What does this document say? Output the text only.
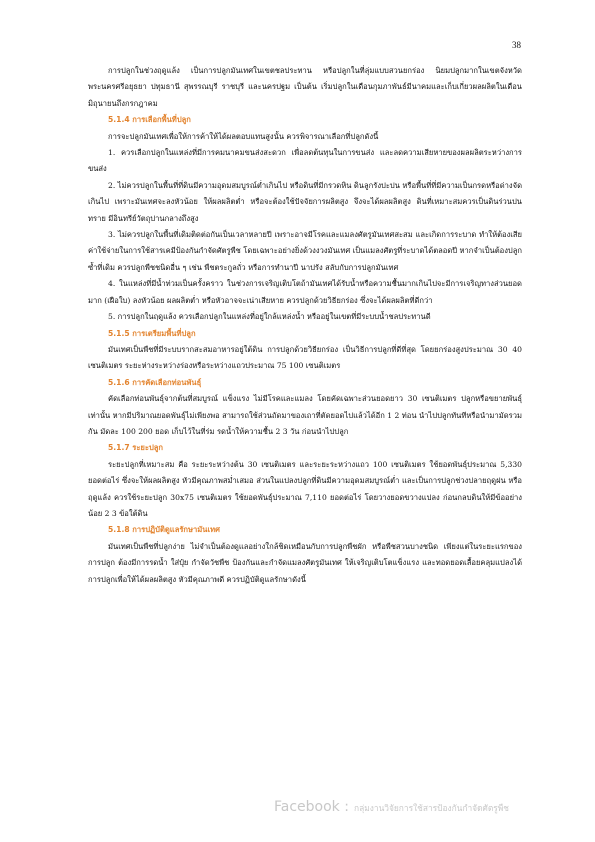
38

การปลูกในช่วงฤดูแล้ง เป็นการปลูกมันเทศในเขตชลประทาน หรือปลูกในที่ลุ่มแบบสวนยกร่อง นิยมปลูกมากในเขตจังหวัดพระนครศรีอยุธยา ปทุมธานี สุพรรณบุรี ราชบุรี และนครปฐม เป็นต้น เริ่มปลูกในเดือนกุมภาพันธ์มีนาคมและเก็บเกี่ยวผลผลิตในเดือนมิถุนายนถึงกรกฎาคม

5.1.4 การเลือกพื้นที่ปลูก

การจะปลูกมันเทศเพื่อให้การค้าให้ได้ผลตอบแทนสูงนั้น ควรพิจารณาเลือกที่ปลูกดังนี้

1. ควรเลือกปลูกในแหล่งที่มีการคมนาคมขนส่งสะดวก เพื่อลดต้นทุนในการขนส่ง และลดความเสียหายของผลผลิตระหว่างการขนส่ง

2. ไม่ควรปลูกในพื้นที่ที่ดินมีความอุดมสมบูรณ์ต่ำเกินไป หรือดินที่มีกรวดหิน ดินลูกรังปะปน หรือพื้นที่ที่มีความเป็นกรดหรือด่างจัดเกินไป เพราะมันเทศจะลงหัวน้อย ให้ผลผลิตต่ำ หรือจะต้องใช้ปัจจัยการผลิตสูง จึงจะได้ผลผลิตสูง ดินที่เหมาะสมควรเป็นดินร่วนปนทราย มีอินทรีย์วัตถุปานกลางถึงสูง

3. ไม่ควรปลูกในพื้นที่เดิมติดต่อกันเป็นเวลาหลายปี เพราะอาจมีโรคและแมลงศัตรูมันเทศสะสม และเกิดการระบาด ทำให้ต้องเสียค่าใช้จ่ายในการใช้สารเคมีป้องกันกำจัดศัตรูพืช โดยเฉพาะอย่างยิ่งด้วงงวงมันเทศ เป็นแมลงศัตรูที่ระบาดได้ตลอดปี หากจำเป็นต้องปลูกซ้ำที่เดิม ควรปลูกพืชชนิดอื่น ๆ เช่น พืชตระกูลถั่ว หรือการทำนาปี นาปรัง สลับกับการปลูกมันเทศ

4. ในแหล่งที่มีน้ำท่วมเป็นครั้งคราว ในช่วงการเจริญเติบโตถ้ามันเทศได้รับน้ำหรือความชื้นมากเกินไปจะมีการเจริญทางส่วนยอดมาก (เฝือใบ) ลงหัวน้อย ผลผลิตต่ำ หรือหัวอาจจะเน่าเสียหาย ควรปลูกด้วยวิธียกร่อง ซึ่งจะได้ผลผลิตที่ดีกว่า

5. การปลูกในฤดูแล้ง ควรเลือกปลูกในแหล่งที่อยู่ใกล้แหล่งน้ำ หรืออยู่ในเขตที่มีระบบน้ำชลประทานดี

5.1.5 การเตรียมพื้นที่ปลูก

มันเทศเป็นพืชที่มีระบบรากสะสมอาหารอยู่ใต้ดิน การปลูกด้วยวิธียกร่อง เป็นวิธีการปลูกที่ดีที่สุด โดยยกร่องสูงประมาณ 30 40 เซนติเมตร ระยะห่างระหว่างร่องหรือระหว่างแถวประมาณ 75 100 เซนติเมตร

5.1.6 การคัดเลือกท่อนพันธุ์

คัดเลือกท่อนพันธุ์จากต้นที่สมบูรณ์ แข็งแรง ไม่มีโรคและแมลง โดยคัดเฉพาะส่วนยอดยาว 30 เซนติเมตร ปลูกหรือขยายพันธุ์เท่านั้น หากมีปริมาณยอดพันธุ์ไม่เพียงพอ สามารถใช้ส่วนถัดมาของเถาที่ตัดยอดไปแล้วได้อีก 1 2 ท่อน นำไปปลูกทันทีหรือนำมามัดรวมกัน มัดละ 100 200 ยอด เก็บไว้ในที่ร่ม รดน้ำให้ความชื้น 2 3 วัน ก่อนนำไปปลูก

5.1.7 ระยะปลูก

ระยะปลูกที่เหมาะสม คือ ระยะระหว่างต้น 30 เซนติเมตร และระยะระหว่างแถว 100 เซนติเมตร ใช้ยอดพันธุ์ประมาณ 5,330 ยอดต่อไร่ ซึ่งจะให้ผลผลิตสูง หัวมีคุณภาพสม่ำเสมอ ส่วนในแปลงปลูกที่ดินมีความอุดมสมบูรณ์ต่ำ และเป็นการปลูกช่วงปลายฤดูฝน หรือฤดูแล้ง ควรใช้ระยะปลูก 30x75 เซนติเมตร ใช้ยอดพันธุ์ประมาณ 7,110 ยอดต่อไร่ โดยวางยอดขวางแปลง ก่อนกลบดินให้มีข้ออย่างน้อย 2 3 ข้อใต้ดิน

5.1.8 การปฏิบัติดูแลรักษามันเทศ

มันเทศเป็นพืชที่ปลูกง่าย ไม่จำเป็นต้องดูแลอย่างใกล้ชิดเหมือนกับการปลูกพืชผัก หรือพืชสวนบางชนิด เพียงแต่ในระยะแรกของการปลูก ต้องมีการรดน้ำ ใส่ปุ๋ย กำจัดวัชพืช ป้องกันและกำจัดแมลงศัตรูมันเทศ ให้เจริญเติบโตแข็งแรง และทอดยอดเลื้อยคลุมแปลงได้ การปลูกเพื่อให้ได้ผลผลิตสูง หัวมีคุณภาพดี ควรปฏิบัติดูแลรักษาดังนี้

Facebook : กลุ่มงานวิจัยการใช้สารป้องกันกำจัดศัตรูพืช
